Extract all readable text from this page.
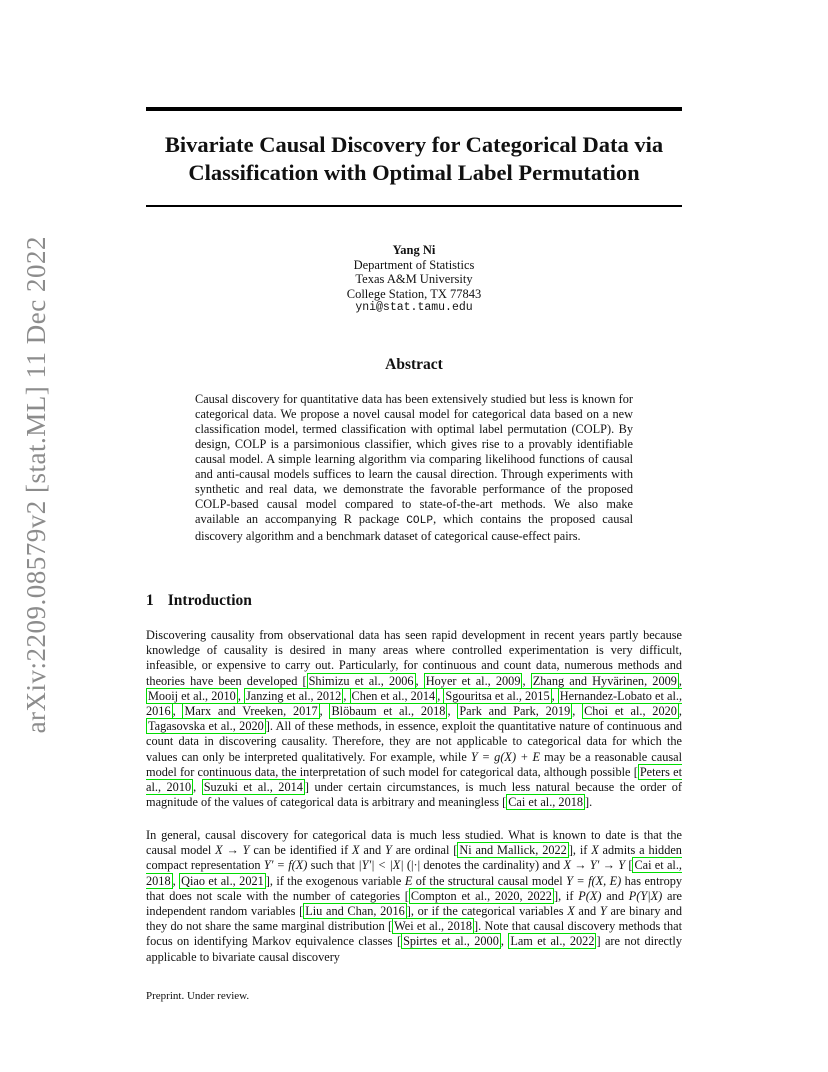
arXiv:2209.08579v2 [stat.ML] 11 Dec 2022
Bivariate Causal Discovery for Categorical Data via
Classification with Optimal Label Permutation
Yang Ni
Department of Statistics
Texas A&M University
College Station, TX 77843
yni@stat.tamu.edu
Abstract

Causal discovery for quantitative data has been extensively studied but less is known for categorical data. We propose a novel causal model for categorical data based on a new classification model, termed classification with optimal label permutation (COLP). By design, COLP is a parsimonious classifier, which gives rise to a provably identifiable causal model. A simple learning algorithm via comparing likelihood functions of causal and anti-causal models suffices to learn the causal direction. Through experiments with synthetic and real data, we demonstrate the favorable performance of the proposed COLP-based causal model compared to state-of-the-art methods. We also make available an accompanying R package COLP, which contains the proposed causal discovery algorithm and a benchmark dataset of categorical cause-effect pairs.

1 Introduction

Discovering causality from observational data has seen rapid development in recent years partly because knowledge of causality is desired in many areas where controlled experimentation is very difficult, infeasible, or expensive to carry out. Particularly, for continuous and count data, numerous methods and theories have been developed [ Shimizu et al., 2006 , Hoyer et al., 2009 , Zhang and Hyvärinen, 2009 , Mooij et al., 2010 , Janzing et al., 2012 , Chen et al., 2014 , Sgouritsa et al., 2015 , Hernandez-Lobato et al., 2016 , Marx and Vreeken, 2017 , Blöbaum et al., 2018 , Park and Park, 2019 , Choi et al., 2020 , Tagasovska et al., 2020 ]. All of these methods, in essence, exploit the quantitative nature of continuous and count data in discovering causality. Therefore, they are not applicable to categorical data for which the values can only be interpreted qualitatively. For example, while Y = g(X) + E may be a reasonable causal model for continuous data, the interpretation of such model for categorical data, although possible [ Peters et al., 2010 , Suzuki et al., 2014 ] under certain circumstances, is much less natural because the order of magnitude of the values of categorical data is arbitrary and meaningless [ Cai et al., 2018 ].

In general, causal discovery for categorical data is much less studied. What is known to date is that the causal model X → Y can be identified if X and Y are ordinal [ Ni and Mallick, 2022 ], if X admits a hidden compact representation Y′ = f(X) such that |Y′| < |X| (|·| denotes the cardinality) and X → Y′ → Y [ Cai et al., 2018 , Qiao et al., 2021 ], if the exogenous variable E of the structural causal model Y = f(X, E) has entropy that does not scale with the number of categories [ Compton et al., 2020, 2022 ], if P(X) and P(Y|X) are independent random variables [ Liu and Chan, 2016 ], or if the categorical variables X and Y are binary and they do not share the same marginal distribution [ Wei et al., 2018 ]. Note that causal discovery methods that focus on identifying Markov equivalence classes [ Spirtes et al., 2000 , Lam et al., 2022 ] are not directly applicable to bivariate causal discovery

Preprint. Under review.
